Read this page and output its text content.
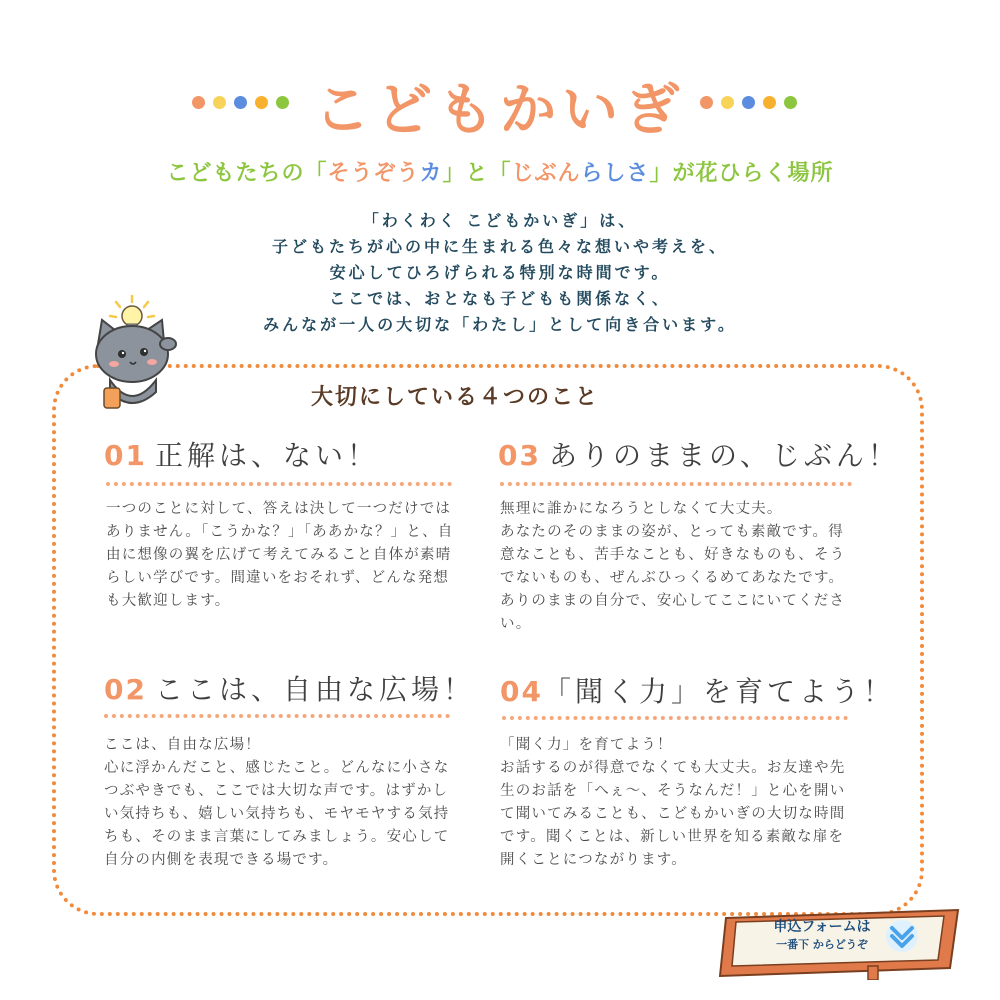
こどもかいぎ
こどもたちの「そうぞうカ」と「じぶんらしさ」が花ひらく場所
「わくわく こどもかいぎ」は、
子どもたちが心の中に生まれる色々な想いや考えを、
安心してひろげられる特別な時間です。
ここでは、おとなも子どもも関係なく、
みんなが一人の大切な「わたし」として向き合います。
大切にしている４つのこと
01 正解は、ない！
一つのことに対して、答えは決して一つだけではありません。「こうかな？」「ああかな？」と、自由に想像の翼を広げて考えてみること自体が素晴らしい学びです。間違いをおそれず、どんな発想も大歓迎します。
02 ここは、自由な広場！
ここは、自由な広場！
心に浮かんだこと、感じたこと。どんなに小さなつぶやきでも、ここでは大切な声です。はずかしい気持ちも、嬉しい気持ちも、モヤモヤする気持ちも、そのまま言葉にしてみましょう。安心して自分の内側を表現できる場です。
03 ありのままの、じぶん！
無理に誰かになろうとしなくて大丈夫。
あなたのそのままの姿が、とっても素敵です。得意なことも、苦手なことも、好きなものも、そうでないものも、ぜんぶひっくるめてあなたです。
ありのままの自分で、安心してここにいてください。
04「聞く力」を育てよう！
「聞く力」を育てよう！
お話するのが得意でなくても大丈夫。お友達や先生のお話を「へぇ～、そうなんだ！」と心を開いて聞いてみることも、こどもかいぎの大切な時間です。聞くことは、新しい世界を知る素敵な扉を開くことにつながります。
申込フォームは
一番下 からどうぞ
